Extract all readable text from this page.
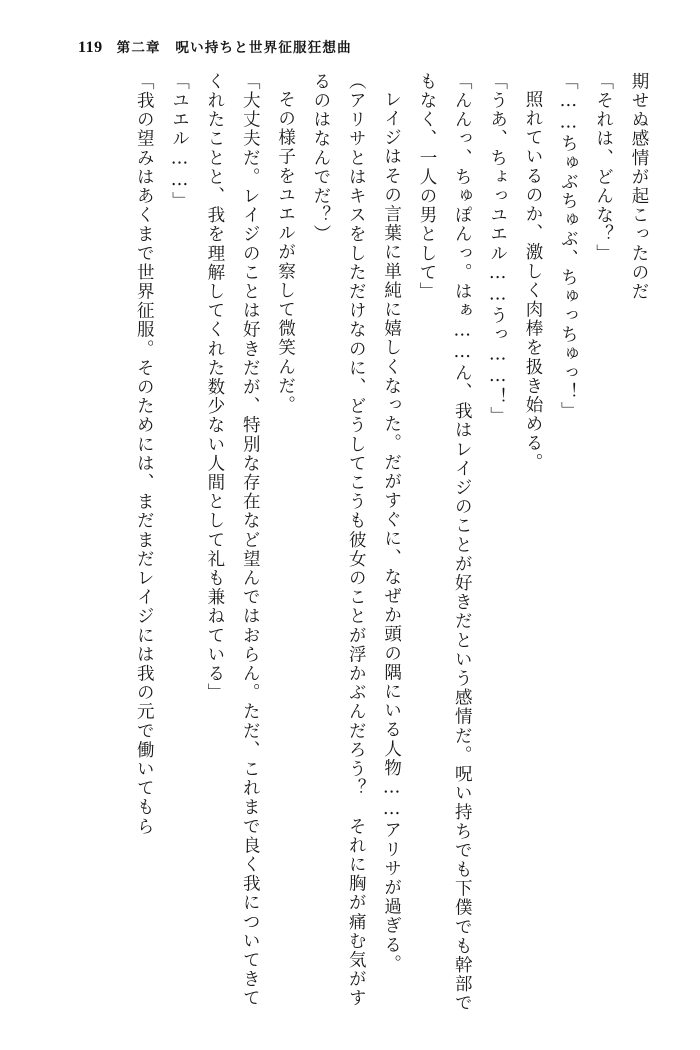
119 第二章　呪い持ちと世界征服狂想曲

期せぬ感情が起こったのだ

「それは、どんな？」

「……ちゅぶちゅぶ、ちゅっちゅっ！」

照れているのか、激しく肉棒を扱き始める。

「うあ、ちょっユエル……うっ……！」

「んんっ、ちゅぽんっ。はぁ……ん、我はレイジのことが好きだという感情だ。呪い持ちでも下僕でも幹部でもなく、一人の男として」

レイジはその言葉に単純に嬉しくなった。だがすぐに、なぜか頭の隅にいる人物……アリサが過ぎる。

（アリサとはキスをしただけなのに、どうしてこうも彼女のことが浮かぶんだろう？　それに胸が痛む気がするのはなんでだ？）

その様子をユエルが察して微笑んだ。

「大丈夫だ。レイジのことは好きだが、特別な存在など望んではおらん。ただ、これまで良く我についてきてくれたことと、我を理解してくれた数少ない人間として礼も兼ねている」

「ユエル……」

「我の望みはあくまで世界征服。そのためには、まだまだレイジには我の元で働いてもら
